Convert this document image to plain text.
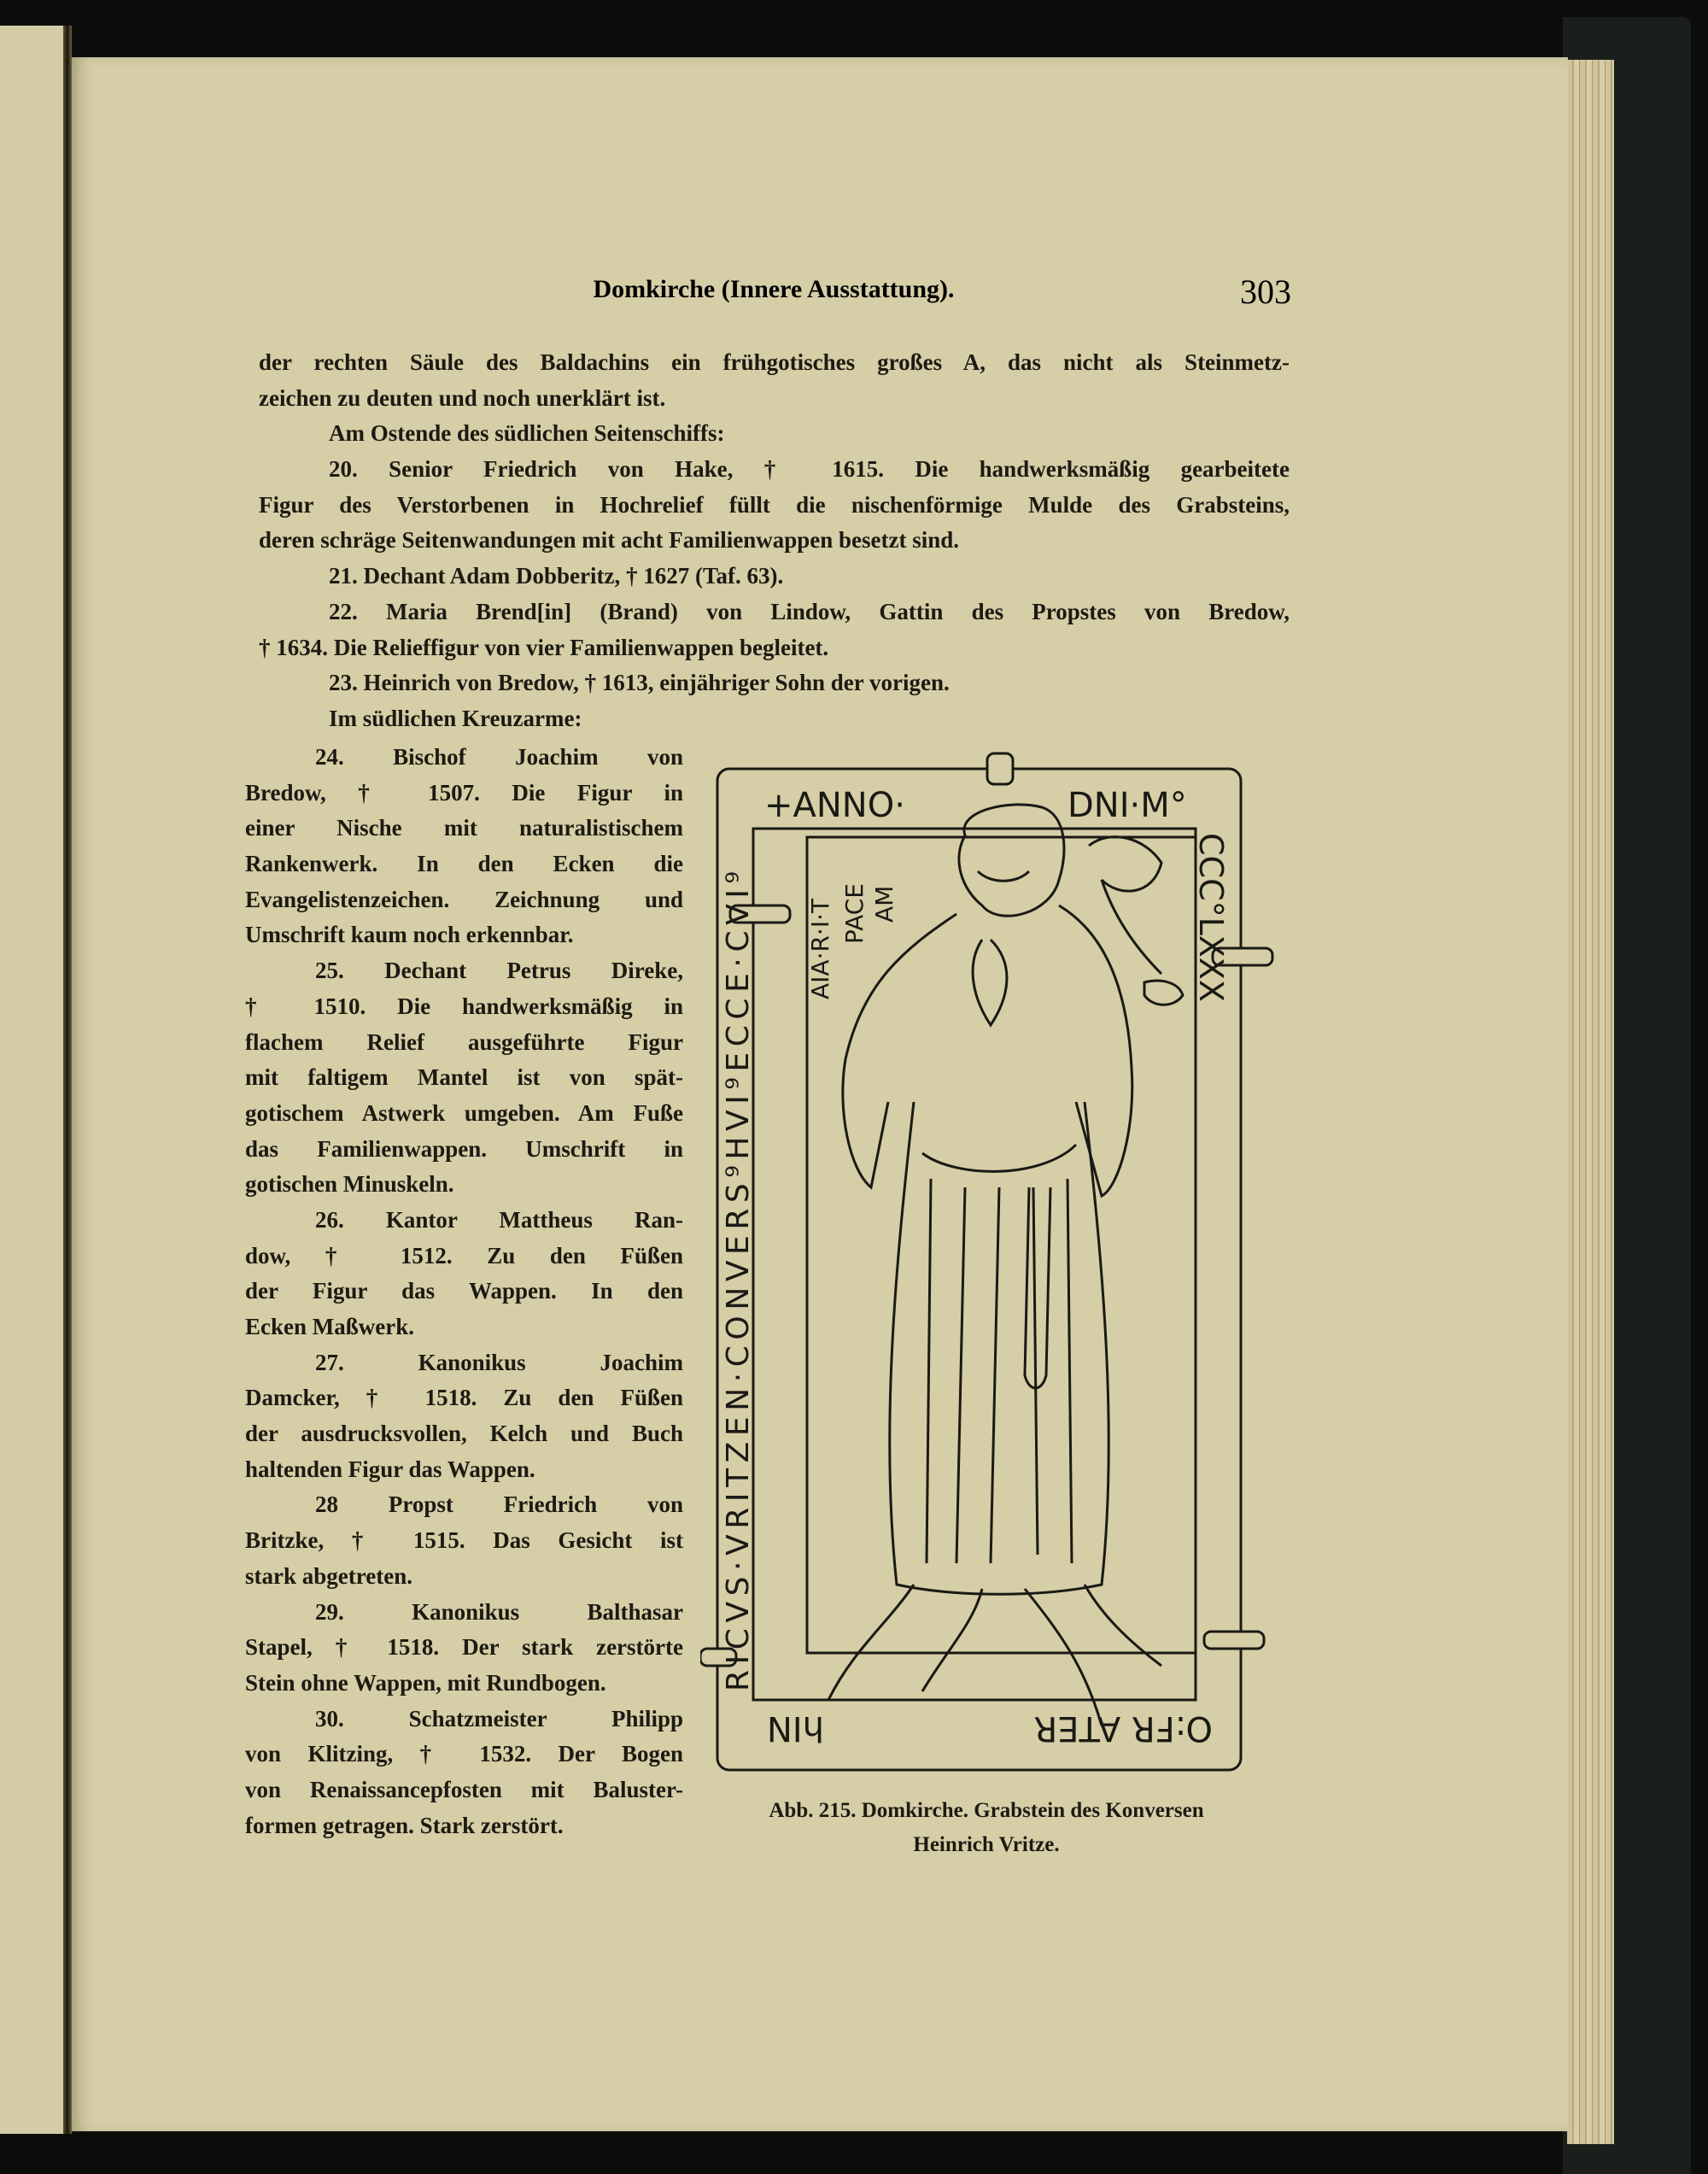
Domkirche (Innere Ausstattung).	303
der rechten Säule des Baldachins ein frühgotisches großes A, das nicht als Steinmetz-
zeichen zu deuten und noch unerklärt ist.
Am Ostende des südlichen Seitenschiffs:
20. Senior Friedrich von Hake, † 1615. Die handwerksmäßig gearbeitete
Figur des Verstorbenen in Hochrelief füllt die nischenförmige Mulde des Grabsteins,
deren schräge Seitenwandungen mit acht Familienwappen besetzt sind.
21. Dechant Adam Dobberitz, † 1627 (Taf. 63).
22. Maria Brend[in] (Brand) von Lindow, Gattin des Propstes von Bredow,
† 1634. Die Relieffigur von vier Familienwappen begleitet.
23. Heinrich von Bredow, † 1613, einjähriger Sohn der vorigen.
Im südlichen Kreuzarme:
24. Bischof Joachim von
Bredow, † 1507. Die Figur in
einer Nische mit naturalistischem
Rankenwerk. In den Ecken die
Evangelistenzeichen. Zeichnung und
Umschrift kaum noch erkennbar.
25. Dechant Petrus Direke,
† 1510. Die handwerksmäßig in
flachem Relief ausgeführte Figur
mit faltigem Mantel ist von spät-
gotischem Astwerk umgeben. Am Fuße
das Familienwappen. Umschrift in
gotischen Minuskeln.
26. Kantor Mattheus Ran-
dow, † 1512. Zu den Füßen
der Figur das Wappen. In den
Ecken Maßwerk.
27. Kanonikus Joachim
Damcker, † 1518. Zu den Füßen
der ausdrucksvollen, Kelch und Buch
haltenden Figur das Wappen.
28 Propst Friedrich von
Britzke, † 1515. Das Gesicht ist
stark abgetreten.
29. Kanonikus Balthasar
Stapel, † 1518. Der stark zerstörte
Stein ohne Wappen, mit Rundbogen.
30. Schatzmeister Philipp
von Klitzing, † 1532. Der Bogen
von Renaissancepfosten mit Baluster-
formen getragen. Stark zerstört.
+ANNO·	DNI·M°
CCC°LXXX
RICVS·VRITZEN·CONVERS⁹HVI⁹ECCE·CVI⁹
O:FR ATER
hIN
AIA·R·I·T PACE AM
Abb. 215. Domkirche. Grabstein des Konversen
Heinrich Vritze.
